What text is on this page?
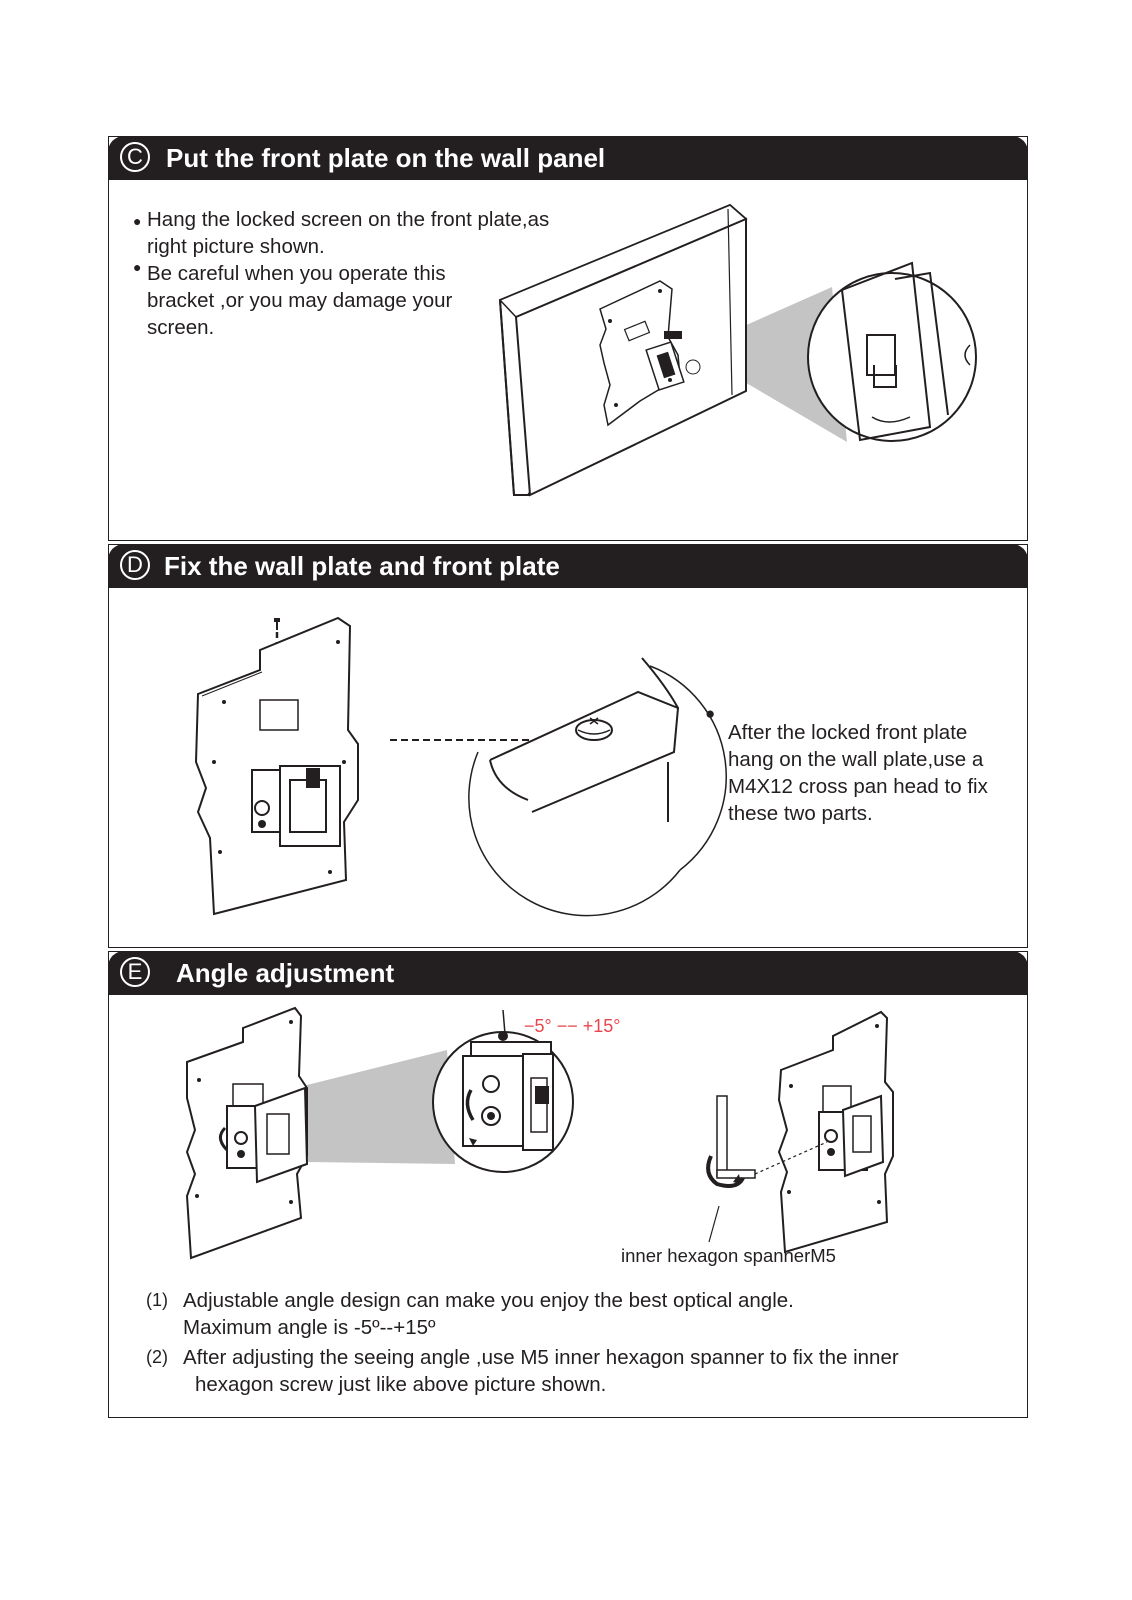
C Put the front plate on the wall panel
● Hang the locked screen on the front plate,as
right picture shown.
● Be careful when you operate this
bracket ,or you may damage your
screen.
D Fix the wall plate and front plate
●
After the locked front plate
hang on the wall plate,use a
M4X12 cross pan head to fix
these two parts.
E Angle adjustment
−5° −− +15°
inner hexagon spannerM5
(1) Adjustable angle design can make you enjoy the best optical angle.
Maximum angle is -5º--+15º
(2) After adjusting the seeing angle ,use M5 inner hexagon spanner to fix the inner
hexagon screw just like above picture shown.
